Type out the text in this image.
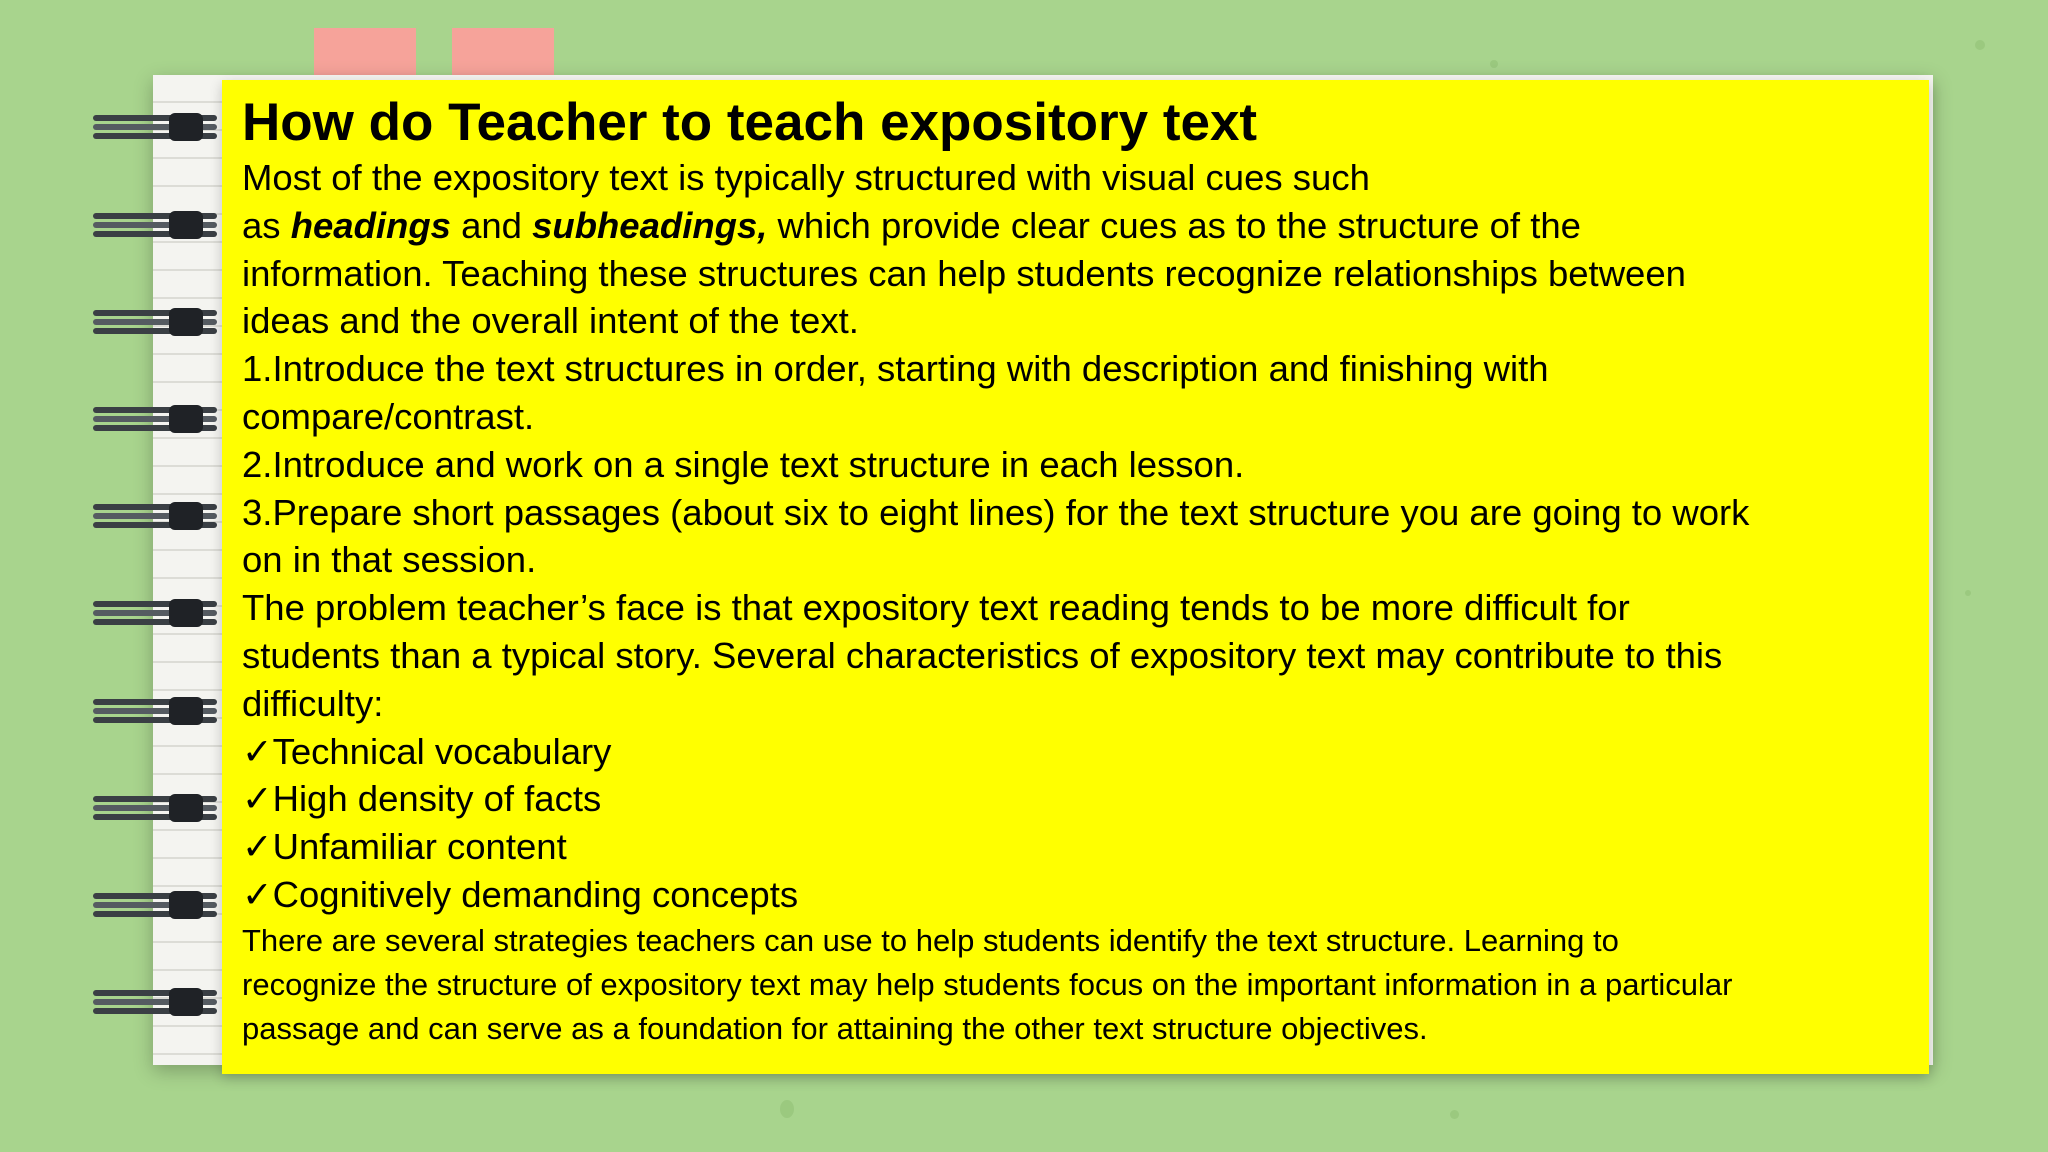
How do Teacher to teach expository text
Most of the expository text is typically structured with visual cues such
as headings and subheadings, which provide clear cues as to the structure of the
information. Teaching these structures can help students recognize relationships between
ideas and the overall intent of the text.
1.Introduce the text structures in order, starting with description and finishing with
compare/contrast.
2.Introduce and work on a single text structure in each lesson.
3.Prepare short passages (about six to eight lines) for the text structure you are going to work
on in that session.
The problem teacher’s face is that expository text reading tends to be more difficult for
students than a typical story. Several characteristics of expository text may contribute to this
difficulty:
✓Technical vocabulary
✓High density of facts
✓Unfamiliar content
✓Cognitively demanding concepts
There are several strategies teachers can use to help students identify the text structure. Learning to
recognize the structure of expository text may help students focus on the important information in a particular
passage and can serve as a foundation for attaining the other text structure objectives.
